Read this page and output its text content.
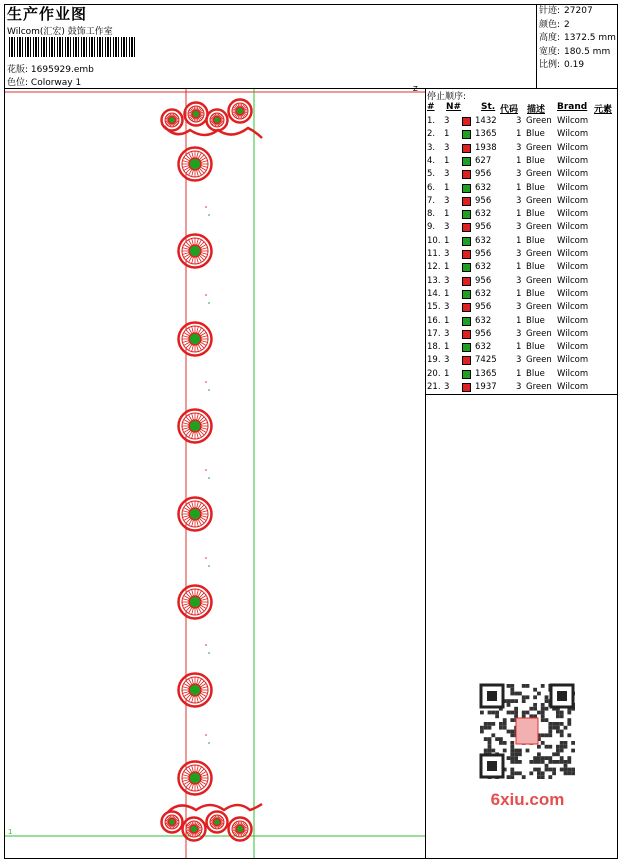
生产作业图
Wilcom(汇宏) 鼓饰工作室
花版: 1695929.emb
色位: Colorway 1
针迹: 27207
颜色: 2
高度: 1372.5 mm
宽度: 180.5 mm
比例: 0.19
停止顺序:
# N# St. 代码 描述 Brand 元素
1. 3	1432 3 Green Wilcom
2. 1	1365 1 Blue Wilcom
3. 3	1938 3 Green Wilcom
4. 1	627	1 Blue Wilcom
5. 3	956	3 Green Wilcom
6. 1	632	1 Blue Wilcom
7. 3	956	3 Green Wilcom
8. 1	632	1 Blue Wilcom
9. 3	956	3 Green Wilcom
10. 1	632	1 Blue Wilcom
11. 3	956	3 Green Wilcom
12. 1	632	1 Blue Wilcom
13. 3	956	3 Green Wilcom
14. 1	632	1 Blue Wilcom
15. 3	956	3 Green Wilcom
16. 1	632	1 Blue Wilcom
17. 3	956	3 Green Wilcom
18. 1	632	1 Blue Wilcom
19. 3	7425 3 Green Wilcom
20. 1	1365 1 Blue Wilcom
21. 3	1937 3 Green Wilcom
Z
1
6xiu.com
